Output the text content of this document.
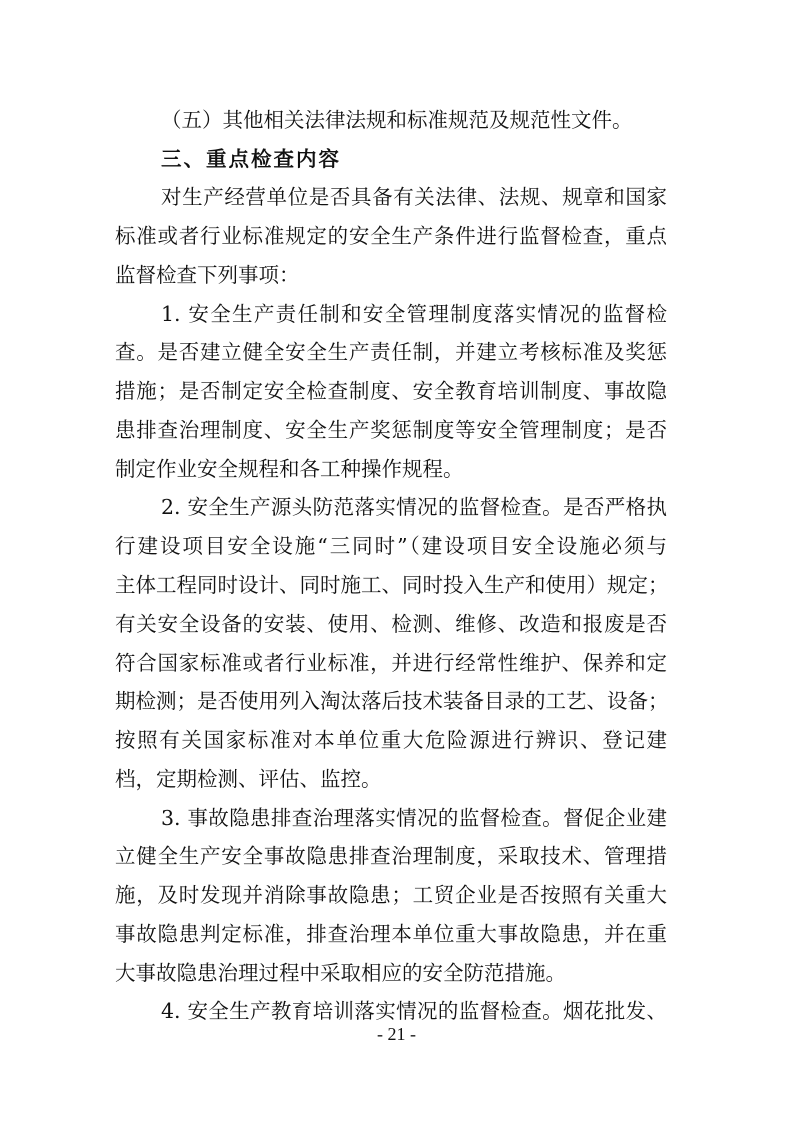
（五）其他相关法律法规和标准规范及规范性文件。
三、重点检查内容
对生产经营单位是否具备有关法律、法规、规章和国家
标准或者行业标准规定的安全生产条件进行监督检查，重点
监督检查下列事项：
1. 安全生产责任制和安全管理制度落实情况的监督检
查。是否建立健全安全生产责任制，并建立考核标准及奖惩
措施；是否制定安全检查制度、安全教育培训制度、事故隐
患排查治理制度、安全生产奖惩制度等安全管理制度；是否
制定作业安全规程和各工种操作规程。
2. 安全生产源头防范落实情况的监督检查。是否严格执
行建设项目安全设施“三同时”（建设项目安全设施必须与
主体工程同时设计、同时施工、同时投入生产和使用）规定；
有关安全设备的安装、使用、检测、维修、改造和报废是否
符合国家标准或者行业标准，并进行经常性维护、保养和定
期检测；是否使用列入淘汰落后技术装备目录的工艺、设备；
按照有关国家标准对本单位重大危险源进行辨识、登记建
档，定期检测、评估、监控。
3. 事故隐患排查治理落实情况的监督检查。督促企业建
立健全生产安全事故隐患排查治理制度，采取技术、管理措
施，及时发现并消除事故隐患；工贸企业是否按照有关重大
事故隐患判定标准，排查治理本单位重大事故隐患，并在重
大事故隐患治理过程中采取相应的安全防范措施。
4. 安全生产教育培训落实情况的监督检查。烟花批发、
- 21 -
